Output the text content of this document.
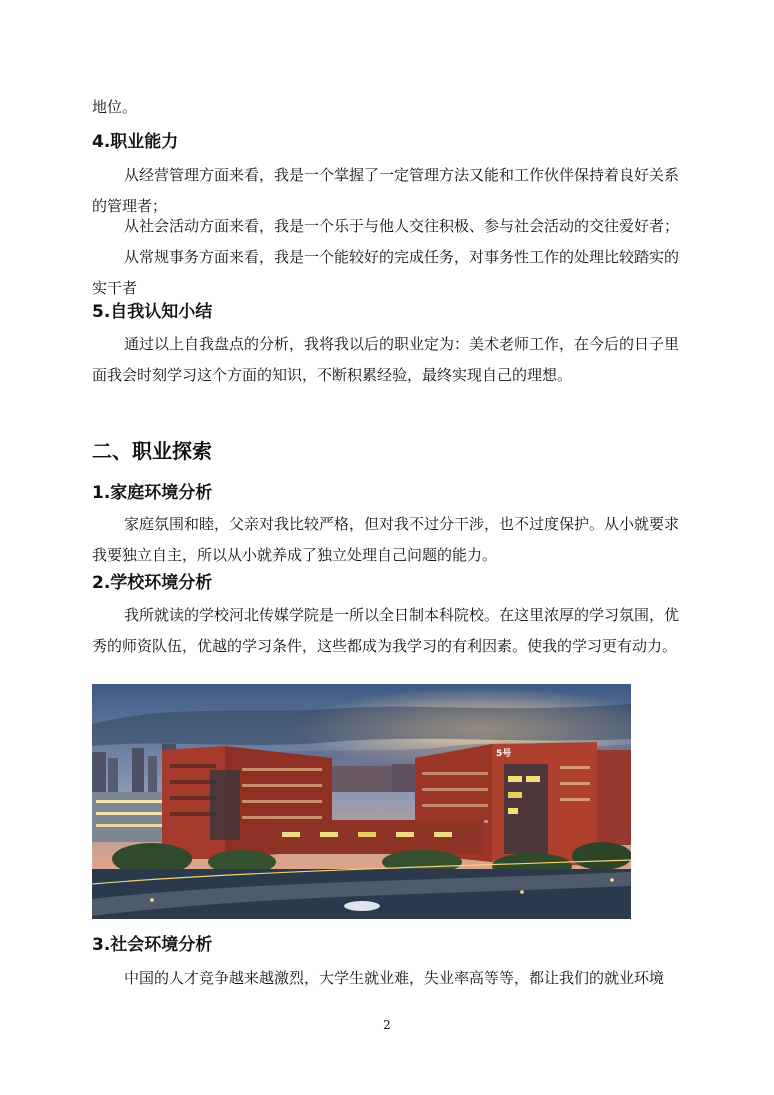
地位。
4.职业能力
从经营管理方面来看，我是一个掌握了一定管理方法又能和工作伙伴保持着良好关系的管理者；
从社会活动方面来看，我是一个乐于与他人交往积极、参与社会活动的交往爱好者；
从常规事务方面来看，我是一个能较好的完成任务，对事务性工作的处理比较踏实的实干者
5.自我认知小结
通过以上自我盘点的分析，我将我以后的职业定为：美术老师工作，在今后的日子里面我会时刻学习这个方面的知识，不断积累经验，最终实现自己的理想。
二、职业探索
1.家庭环境分析
家庭氛围和睦，父亲对我比较严格，但对我不过分干涉，也不过度保护。从小就要求我要独立自主，所以从小就养成了独立处理自己问题的能力。
2.学校环境分析
我所就读的学校河北传媒学院是一所以全日制本科院校。在这里浓厚的学习氛围，优秀的师资队伍，优越的学习条件，这些都成为我学习的有利因素。使我的学习更有动力。
5号
3.社会环境分析
中国的人才竞争越来越激烈，大学生就业难，失业率高等等，都让我们的就业环境
2
